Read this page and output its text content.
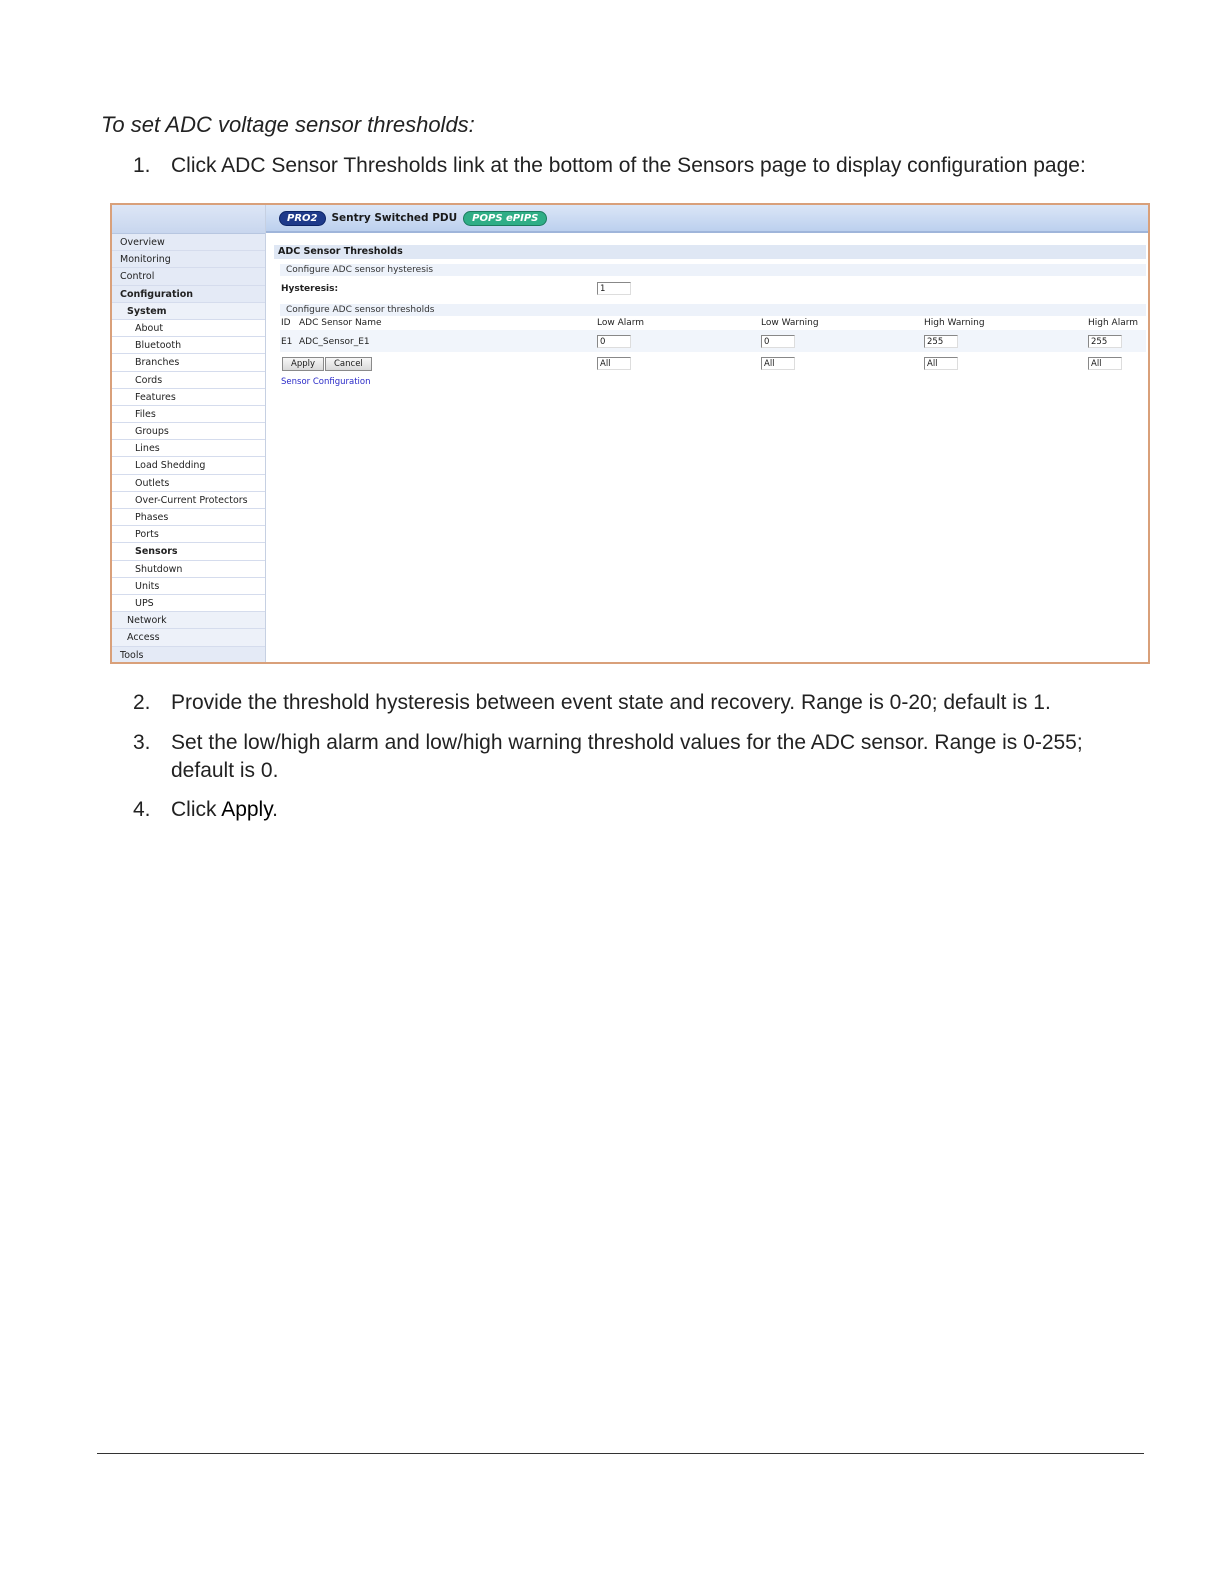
To set ADC voltage sensor thresholds:
1. Click ADC Sensor Thresholds link at the bottom of the Sensors page to display configuration page:
Overview
Monitoring
Control
Configuration
System
About
Bluetooth
Branches
Cords
Features
Files
Groups
Lines
Load Shedding
Outlets
Over-Current Protectors
Phases
Ports
Sensors
Shutdown
Units
UPS
Network
Access
Tools
PRO2	Sentry Switched PDU	POPS ePIPS
ADC Sensor Thresholds
Configure ADC sensor hysteresis
Hysteresis:	1
Configure ADC sensor thresholds
ID ADC Sensor Name	Low Alarm	Low Warning	High Warning	High Alarm
E1 ADC_Sensor_E1	0	0	255	255
Apply	Cancel	All	All	All	All
Sensor Configuration
2. Provide the threshold hysteresis between event state and recovery. Range is 0-20; default is 1.
3. Set the low/high alarm and low/high warning threshold values for the ADC sensor. Range is 0-255; default is 0.
4. Click Apply.
